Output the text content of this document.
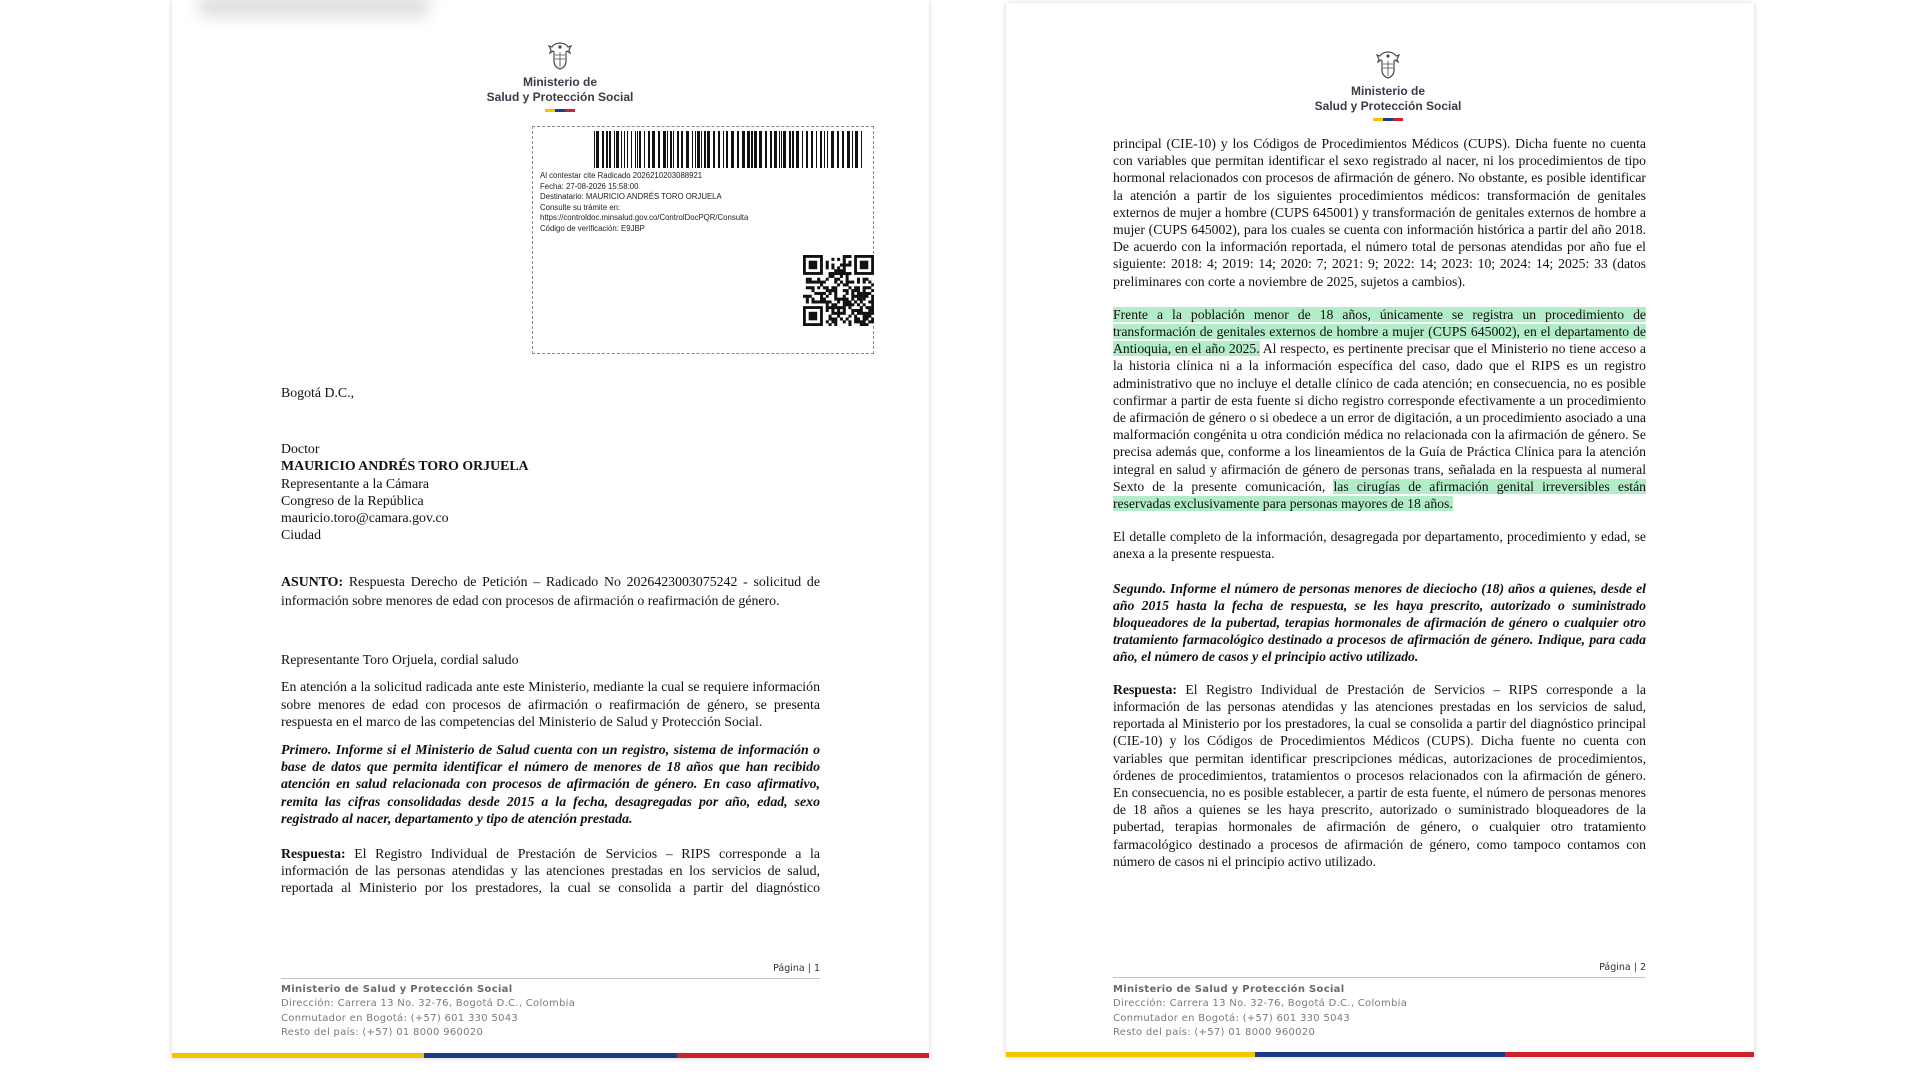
Ministerio de
Salud y Protección Social
Al contestar cite Radicado 2026210203088921
Fecha: 27-08-2026 15:58:00
Destinatario: MAURICIO ANDRÉS TORO ORJUELA
Consulte su trámite en:
https://controldoc.minsalud.gov.co/ControlDocPQR/Consulta
Código de verificación: E9JBP

Bogotá D.C.,

Doctor
MAURICIO ANDRÉS TORO ORJUELA
Representante a la Cámara
Congreso de la República
mauricio.toro@camara.gov.co
Ciudad

ASUNTO: Respuesta Derecho de Petición – Radicado No 2026423003075242 - solicitud de información sobre menores de edad con procesos de afirmación o reafirmación de género.

Representante Toro Orjuela, cordial saludo

En atención a la solicitud radicada ante este Ministerio, mediante la cual se requiere información sobre menores de edad con procesos de afirmación o reafirmación de género, se presenta respuesta en el marco de las competencias del Ministerio de Salud y Protección Social.

Primero. Informe si el Ministerio de Salud cuenta con un registro, sistema de información o base de datos que permita identificar el número de menores de 18 años que han recibido atención en salud relacionada con procesos de afirmación de género. En caso afirmativo, remita las cifras consolidadas desde 2015 a la fecha, desagregadas por año, edad, sexo registrado al nacer, departamento y tipo de atención prestada.

Respuesta: El Registro Individual de Prestación de Servicios – RIPS corresponde a la información de las personas atendidas y las atenciones prestadas en los servicios de salud, reportada al Ministerio por los prestadores, la cual se consolida a partir del diagnóstico

Página | 1
Ministerio de Salud y Protección Social
Dirección: Carrera 13 No. 32-76, Bogotá D.C., Colombia
Conmutador en Bogotá: (+57) 601 330 5043
Resto del país: (+57) 01 8000 960020
Ministerio de
Salud y Protección Social

principal (CIE-10) y los Códigos de Procedimientos Médicos (CUPS). Dicha fuente no cuenta con variables que permitan identificar el sexo registrado al nacer, ni los procedimientos de tipo hormonal relacionados con procesos de afirmación de género. No obstante, es posible identificar la atención a partir de los siguientes procedimientos médicos: transformación de genitales externos de mujer a hombre (CUPS 645001) y transformación de genitales externos de hombre a mujer (CUPS 645002), para los cuales se cuenta con información histórica a partir del año 2018. De acuerdo con la información reportada, el número total de personas atendidas por año fue el siguiente: 2018: 4; 2019: 14; 2020: 7; 2021: 9; 2022: 14; 2023: 10; 2024: 14; 2025: 33 (datos preliminares con corte a noviembre de 2025, sujetos a cambios).

Frente a la población menor de 18 años, únicamente se registra un procedimiento de transformación de genitales externos de hombre a mujer (CUPS 645002), en el departamento de Antioquia, en el año 2025. Al respecto, es pertinente precisar que el Ministerio no tiene acceso a la historia clínica ni a la información específica del caso, dado que el RIPS es un registro administrativo que no incluye el detalle clínico de cada atención; en consecuencia, no es posible confirmar a partir de esta fuente si dicho registro corresponde efectivamente a un procedimiento de afirmación de género o si obedece a un error de digitación, a un procedimiento asociado a una malformación congénita u otra condición médica no relacionada con la afirmación de género. Se precisa además que, conforme a los lineamientos de la Guía de Práctica Clínica para la atención integral en salud y afirmación de género de personas trans, señalada en la respuesta al numeral Sexto de la presente comunicación, las cirugías de afirmación genital irreversibles están reservadas exclusivamente para personas mayores de 18 años.

El detalle completo de la información, desagregada por departamento, procedimiento y edad, se anexa a la presente respuesta.

Segundo. Informe el número de personas menores de dieciocho (18) años a quienes, desde el año 2015 hasta la fecha de respuesta, se les haya prescrito, autorizado o suministrado bloqueadores de la pubertad, terapias hormonales de afirmación de género o cualquier otro tratamiento farmacológico destinado a procesos de afirmación de género. Indique, para cada año, el número de casos y el principio activo utilizado.

Respuesta: El Registro Individual de Prestación de Servicios – RIPS corresponde a la información de las personas atendidas y las atenciones prestadas en los servicios de salud, reportada al Ministerio por los prestadores, la cual se consolida a partir del diagnóstico principal (CIE-10) y los Códigos de Procedimientos Médicos (CUPS). Dicha fuente no cuenta con variables que permitan identificar prescripciones médicas, autorizaciones de procedimientos, órdenes de procedimientos, tratamientos o procesos relacionados con la afirmación de género. En consecuencia, no es posible establecer, a partir de esta fuente, el número de personas menores de 18 años a quienes se les haya prescrito, autorizado o suministrado bloqueadores de la pubertad, terapias hormonales de afirmación de género, o cualquier otro tratamiento farmacológico destinado a procesos de afirmación de género, como tampoco contamos con número de casos ni el principio activo utilizado.

Página | 2
Ministerio de Salud y Protección Social
Dirección: Carrera 13 No. 32-76, Bogotá D.C., Colombia
Conmutador en Bogotá: (+57) 601 330 5043
Resto del país: (+57) 01 8000 960020
